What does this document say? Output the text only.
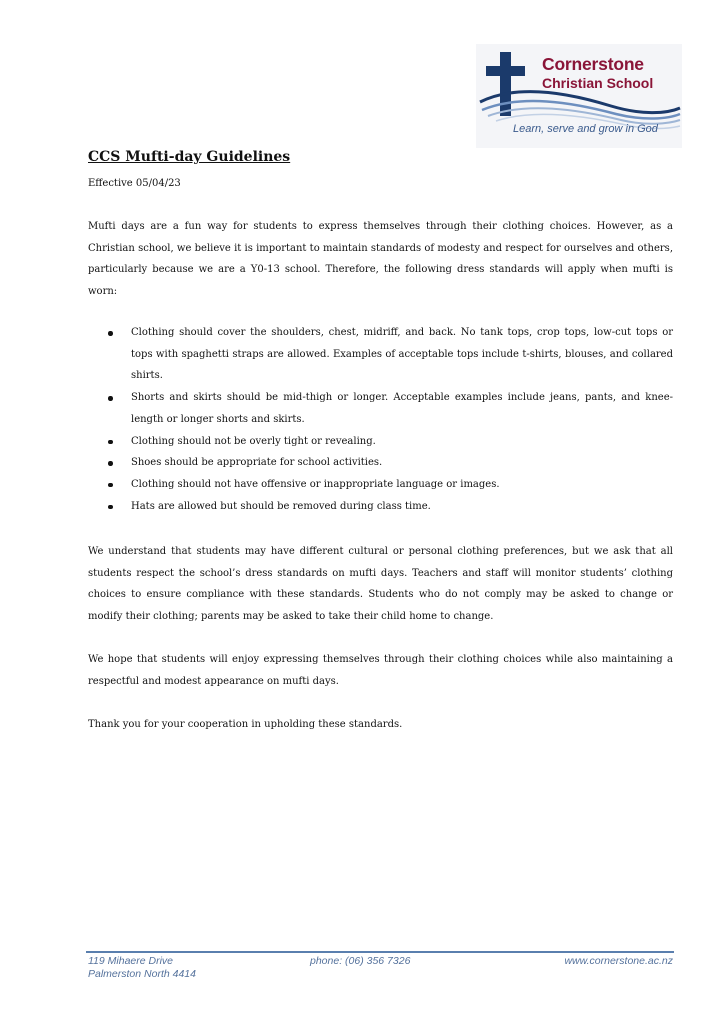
Cornerstone
Christian School
Learn, serve and grow in God
CCS Mufti-day Guidelines
Effective 05/04/23

Mufti days are a fun way for students to express themselves through their clothing choices. However, as a Christian school, we believe it is important to maintain standards of modesty and respect for ourselves and others, particularly because we are a Y0-13 school. Therefore, the following dress standards will apply when mufti is worn:

Clothing should cover the shoulders, chest, midriff, and back. No tank tops, crop tops, low-cut tops or tops with spaghetti straps are allowed. Examples of acceptable tops include t-shirts, blouses, and collared shirts.
Shorts and skirts should be mid-thigh or longer. Acceptable examples include jeans, pants, and knee-length or longer shorts and skirts.
Clothing should not be overly tight or revealing.
Shoes should be appropriate for school activities.
Clothing should not have offensive or inappropriate language or images.
Hats are allowed but should be removed during class time.

We understand that students may have different cultural or personal clothing preferences, but we ask that all students respect the school’s dress standards on mufti days. Teachers and staff will monitor students’ clothing choices to ensure compliance with these standards. Students who do not comply may be asked to change or modify their clothing; parents may be asked to take their child home to change.

We hope that students will enjoy expressing themselves through their clothing choices while also maintaining a respectful and modest appearance on mufti days.

Thank you for your cooperation in upholding these standards.

119 Mihaere Drive
Palmerston North 4414
phone: (06) 356 7326	www.cornerstone.ac.nz
